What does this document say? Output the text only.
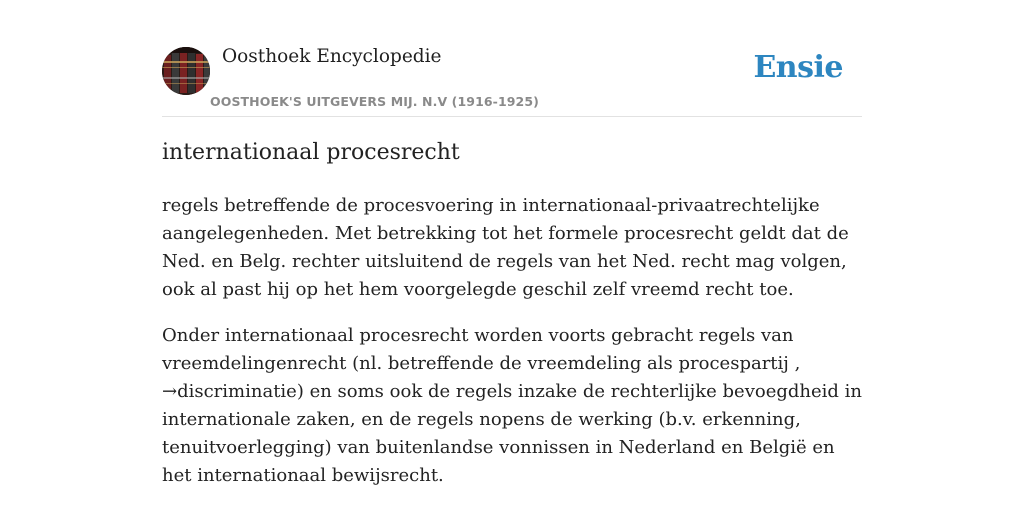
Oosthoek Encyclopedie
OOSTHOEK'S UITGEVERS MIJ. N.V (1916-1925)
Ensie
internationaal procesrecht

regels betreffende de procesvoering in internationaal-privaatrechtelijke aangelegenheden. Met betrekking tot het formele procesrecht geldt dat de Ned. en Belg. rechter uitsluitend de regels van het Ned. recht mag volgen, ook al past hij op het hem voorgelegde geschil zelf vreemd recht toe.

Onder internationaal procesrecht worden voorts gebracht regels van vreemdelingenrecht (nl. betreffende de vreemdeling als procespartij , →discriminatie) en soms ook de regels inzake de rechterlijke bevoegdheid in internationale zaken, en de regels nopens de werking (b.v. erkenning, tenuitvoerlegging) van buitenlandse vonnissen in Nederland en België en het internationaal bewijsrecht.
